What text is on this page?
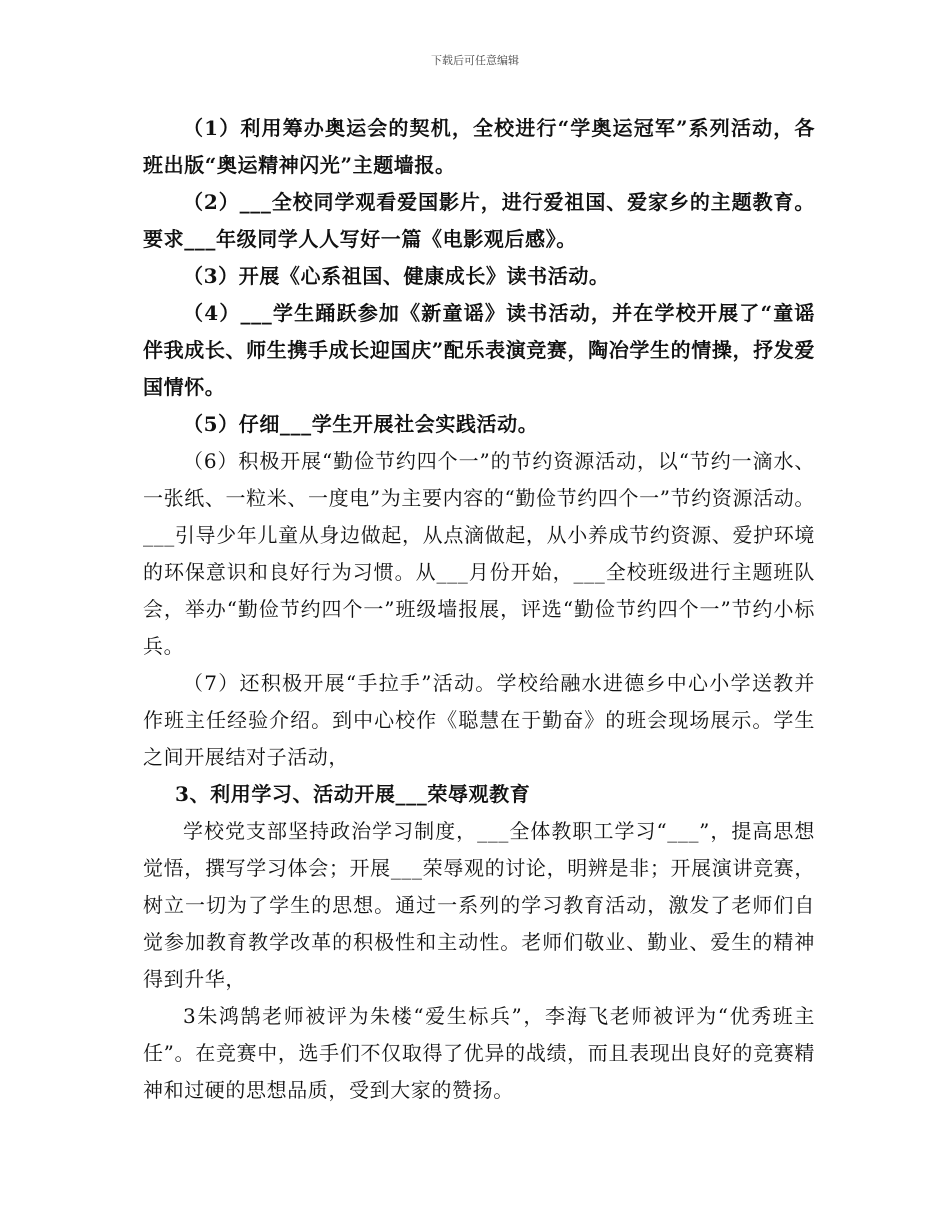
下载后可任意编辑

（1）利用筹办奥运会的契机，全校进行“学奥运冠军”系列活动，各班出版“奥运精神闪光”主题墙报。

（2）___全校同学观看爱国影片，进行爱祖国、爱家乡的主题教育。要求___年级同学人人写好一篇《电影观后感》。

（3）开展《心系祖国、健康成长》读书活动。

（4）___学生踊跃参加《新童谣》读书活动，并在学校开展了“童谣伴我成长、师生携手成长迎国庆”配乐表演竞赛，陶冶学生的情操，抒发爱国情怀。

（5）仔细___学生开展社会实践活动。

（6）积极开展“勤俭节约四个一”的节约资源活动，以“节约一滴水、一张纸、一粒米、一度电”为主要内容的“勤俭节约四个一”节约资源活动。___引导少年儿童从身边做起，从点滴做起，从小养成节约资源、爱护环境的环保意识和良好行为习惯。从___月份开始，___全校班级进行主题班队会，举办“勤俭节约四个一”班级墙报展，评选“勤俭节约四个一”节约小标兵。

（7）还积极开展“手拉手”活动。学校给融水进德乡中心小学送教并作班主任经验介绍。到中心校作《聪慧在于勤奋》的班会现场展示。学生之间开展结对子活动，

3、利用学习、活动开展___荣辱观教育

学校党支部坚持政治学习制度，___全体教职工学习“___”，提高思想觉悟，撰写学习体会；开展___荣辱观的讨论，明辨是非；开展演讲竞赛，树立一切为了学生的思想。通过一系列的学习教育活动，激发了老师们自觉参加教育教学改革的积极性和主动性。老师们敬业、勤业、爱生的精神得到升华，

3朱鸿鹄老师被评为朱楼“爱生标兵”，李海飞老师被评为“优秀班主任”。在竞赛中，选手们不仅取得了优异的战绩，而且表现出良好的竞赛精神和过硬的思想品质，受到大家的赞扬。
